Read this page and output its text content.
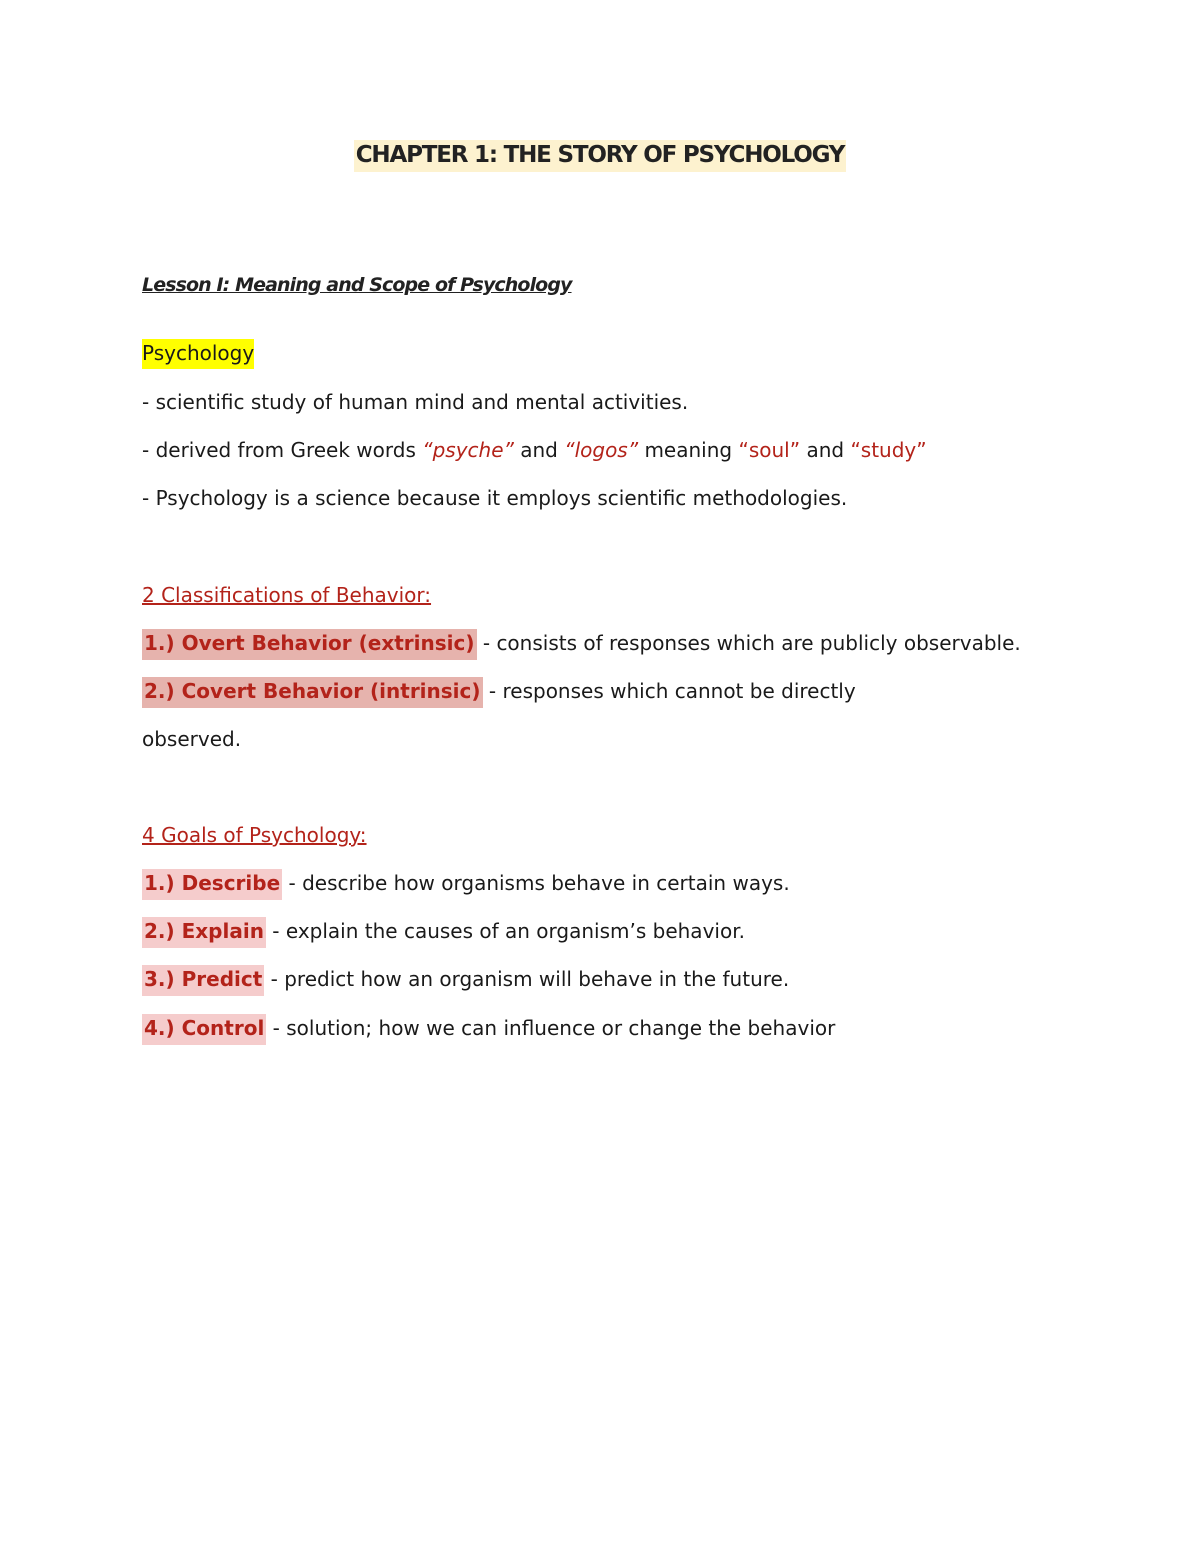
CHAPTER 1: THE STORY OF PSYCHOLOGY
Lesson I: Meaning and Scope of Psychology
Psychology
- scientific study of human mind and mental activities.
- derived from Greek words “psyche” and “logos” meaning “soul” and “study”
- Psychology is a science because it employs scientific methodologies.
2 Classifications of Behavior:
1.) Overt Behavior (extrinsic) - consists of responses which are publicly observable.
2.) Covert Behavior (intrinsic) - responses which cannot be directly
observed.
4 Goals of Psychology:
1.) Describe - describe how organisms behave in certain ways.
2.) Explain - explain the causes of an organism’s behavior.
3.) Predict - predict how an organism will behave in the future.
4.) Control - solution; how we can influence or change the behavior
